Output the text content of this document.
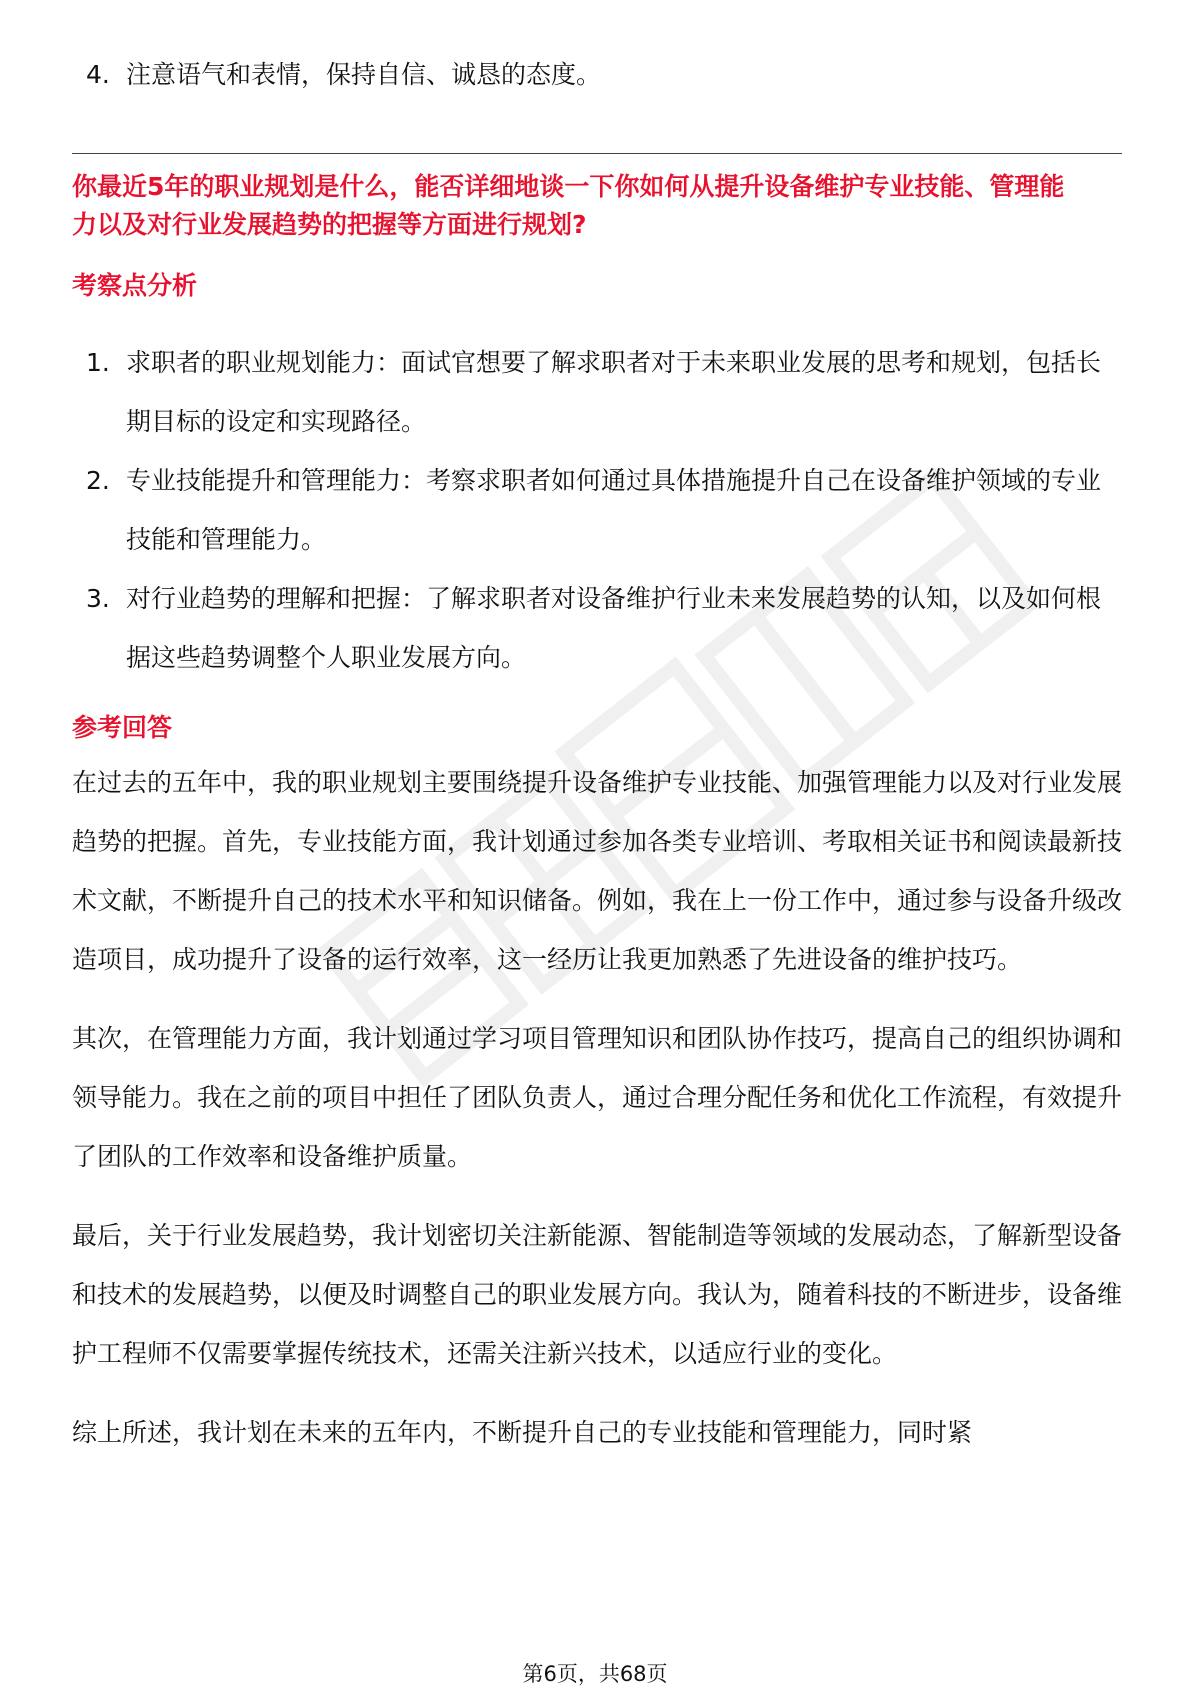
4. 注意语气和表情，保持自信、诚恳的态度。
你最近5年的职业规划是什么，能否详细地谈一下你如何从提升设备维护专业技能、管理能力以及对行业发展趋势的把握等方面进行规划?
考察点分析
1. 求职者的职业规划能力：面试官想要了解求职者对于未来职业发展的思考和规划，包括长期目标的设定和实现路径。
2. 专业技能提升和管理能力：考察求职者如何通过具体措施提升自己在设备维护领域的专业技能和管理能力。
3. 对行业趋势的理解和把握：了解求职者对设备维护行业未来发展趋势的认知，以及如何根据这些趋势调整个人职业发展方向。
参考回答

在过去的五年中，我的职业规划主要围绕提升设备维护专业技能、加强管理能力以及对行业发展趋势的把握。首先，专业技能方面，我计划通过参加各类专业培训、考取相关证书和阅读最新技术文献，不断提升自己的技术水平和知识储备。例如，我在上一份工作中，通过参与设备升级改造项目，成功提升了设备的运行效率，这一经历让我更加熟悉了先进设备的维护技巧。

其次，在管理能力方面，我计划通过学习项目管理知识和团队协作技巧，提高自己的组织协调和领导能力。我在之前的项目中担任了团队负责人，通过合理分配任务和优化工作流程，有效提升了团队的工作效率和设备维护质量。

最后，关于行业发展趋势，我计划密切关注新能源、智能制造等领域的发展动态，了解新型设备和技术的发展趋势，以便及时调整自己的职业发展方向。我认为，随着科技的不断进步，设备维护工程师不仅需要掌握传统技术，还需关注新兴技术，以适应行业的变化。

综上所述，我计划在未来的五年内，不断提升自己的专业技能和管理能力，同时紧

第6页，共68页
